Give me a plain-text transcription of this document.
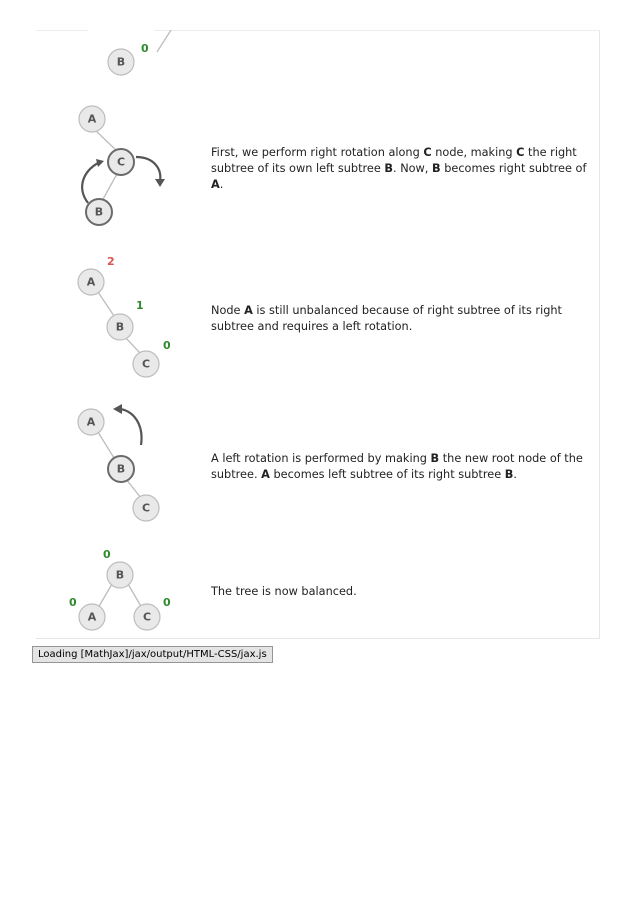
B
0
A
C
B
First, we perform right rotation along C node, making C the right subtree of its own left subtree B. Now, B becomes right subtree of A.
A
B
C
2
1
0
Node A is still unbalanced because of right subtree of its right subtree and requires a left rotation.
A
B
C
A left rotation is performed by making B the new root node of the subtree. A becomes left subtree of its right subtree B.
B
A	C
0
0	0
The tree is now balanced.
Loading [MathJax]/jax/output/HTML-CSS/jax.js
